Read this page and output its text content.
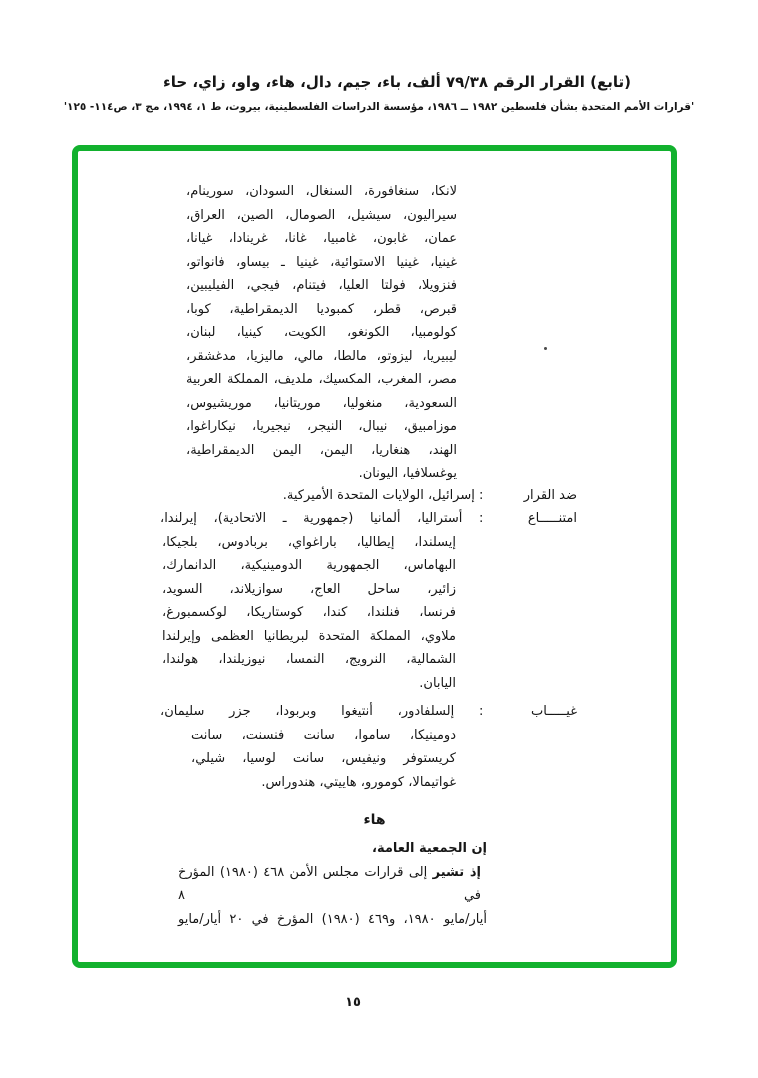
(تابع) القرار الرقم ٧٩/٣٨ ألف، باء، جيم، دال، هاء، واو، زاي، حاء
'قرارات الأمم المتحدة بشأن فلسطين ١٩٨٢ ــ ١٩٨٦، مؤسسة الدراسات الفلسطينية، بيروت، ط ١، ١٩٩٤، مج ٣، ص١١٤- ١٢٥'
لانكا، سنغافورة، السنغال، السودان، سورينام،
سيراليون، سيشيل، الصومال، الصين، العراق،
عمان، غابون، غامبيا، غانا، غرينادا، غيانا،
غينيا، غينيا الاستوائية، غينيا ـ بيساو، فانواتو،
فنزويلا، فولتا العليا، فيتنام، فيجي، الفيليبين،
قبرص، قطر، كمبوديا الديمقراطية، كوبا،
كولومبيا، الكونغو، الكويت، كينيا، لبنان،
ليبيريا، ليزوتو، مالطا، مالي، ماليزيا، مدغشقر،
مصر، المغرب، المكسيك، ملديف، المملكة العربية
السعودية، منغوليا، موريتانيا، موريشيوس،
موزامبيق، نيبال، النيجر، نيجيريا، نيكاراغوا،
الهند، هنغاريا، اليمن، اليمن الديمقراطية،
يوغسلافيا، اليونان.
ضد القرار
:
إسرائيل، الولايات المتحدة الأميركية.
امتنـــــاع
:
أستراليا، ألمانيا (جمهورية ـ الاتحادية)، إيرلندا،
إيسلندا، إيطاليا، باراغواي، بربادوس، بلجيكا،
البهاماس، الجمهورية الدومينيكية، الدانمارك،
زائير، ساحل العاج، سوازيلاند، السويد،
فرنسا، فنلندا، كندا، كوستاريكا، لوكسمبورغ،
ملاوي، المملكة المتحدة لبريطانيا العظمى وإيرلندا
الشمالية، النرويج، النمسا، نيوزيلندا، هولندا،
اليابان.
غيـــــاب
:
إلسلفادور، أنتيغوا وبربودا، جزر سليمان،
دومينيكا، ساموا، سانت فنسنت، سانت
كريستوفر ونيفيس، سانت لوسيا، شيلي،
غواتيمالا، كومورو، هاييتي، هندوراس.
هاء
إن الجمعية العامة،
إذ تشير إلى قرارات مجلس الأمن ٤٦٨ (١٩٨٠) المؤرخ في ٨
أيار/مايو ١٩٨٠، و٤٦٩ (١٩٨٠) المؤرخ في ٢٠ أيار/مايو
١٥
